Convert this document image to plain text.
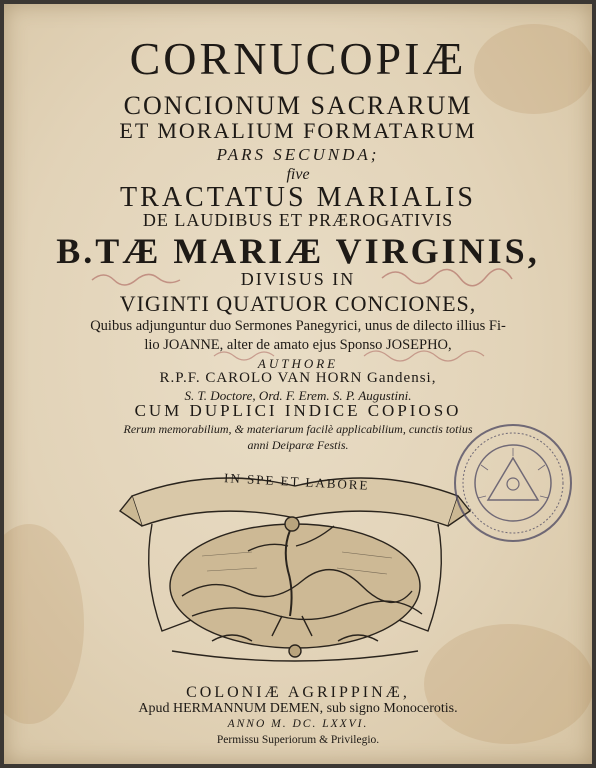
CORNUCOPIÆ
CONCIONUM SACRARUM
ET MORALIUM FORMATARUM
PARS SECUNDA;
five
TRACTATUS MARIALIS
DE LAUDIBUS ET PRÆROGATIVIS
B.TÆ MARIÆ VIRGINIS,
DIVISUS IN
VIGINTI QUATUOR CONCIONES,
Quibus adjunguntur duo Sermones Panegyrici, unus de dilecto illius Fi-
lio JOANNE, alter de amato ejus Sponso JOSEPHO,
AUTHORE
R.P.F. CAROLO VAN HORN Gandensi,
S. T. Doctore, Ord. F. Erem. S. P. Augustini.
CUM DUPLICI INDICE COPIOSO
Rerum memorabilium, & materiarum facilè applicabilium, cunctis totius
anni Deiparæ Festis.
IN SPE ET LABORE
COLONIÆ AGRIPPINÆ,
Apud HERMANNUM DEMEN, sub signo Monocerotis.
ANNO M. DC. LXXVI.
Permissu Superiorum & Privilegio.
